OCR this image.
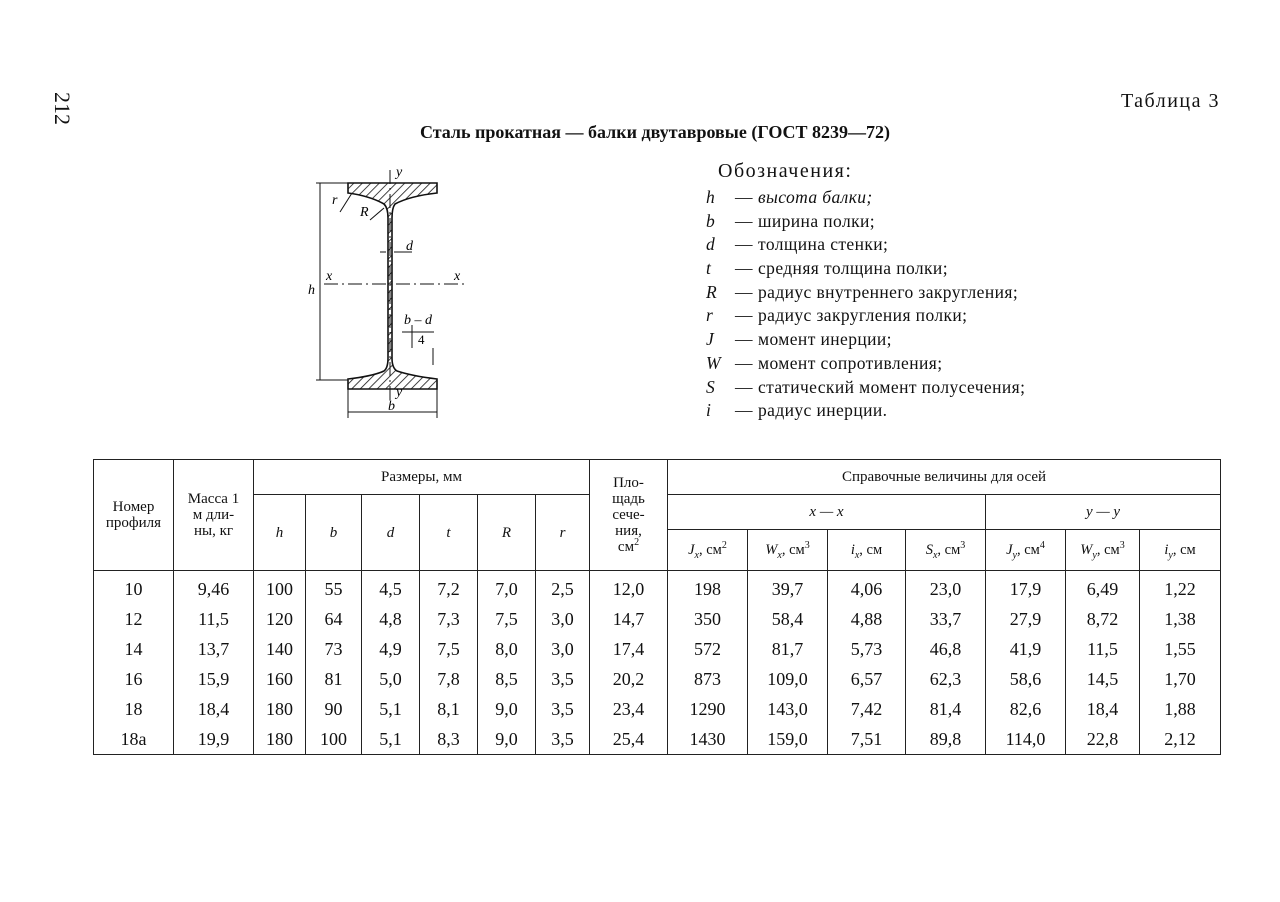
212	Таблица 3
Сталь прокатная — балки двутавровые (ГОСТ 8239—72)
y
r
R
d
x	x
h
b – d
4
y
b
Обозначения:
h — высота балки;
b — ширина полки;
d — толщина стенки;
t — средняя толщина полки;
R — радиус внутреннего закругления;
r — радиус закругления полки;
J — момент инерции;
W — момент сопротивления;
S — статический момент полусечения;
i — радиус инерции.
Номер
профиля	Масса 1
м дли-
ны, кг	Размеры, мм						Пло-
щадь
сече-
ния,
$см^2$	Справочные величины для осей						
		h	b	d	t	R	r		x — x				y — y		
									$J_x$, $см^2$	$W_x$, $см^3$	$i_x$, см	$S_x$, $см^3$	$J_y$, $см^4$	$W_y$, $см^3$	$i_y$, см
10	9,46	100	55	4,5	7,2	7,0	2,5	12,0	198	39,7	4,06	23,0	17,9	6,49	1,22
12	11,5	120	64	4,8	7,3	7,5	3,0	14,7	350	58,4	4,88	33,7	27,9	8,72	1,38
14	13,7	140	73	4,9	7,5	8,0	3,0	17,4	572	81,7	5,73	46,8	41,9	11,5	1,55
16	15,9	160	81	5,0	7,8	8,5	3,5	20,2	873	109,0	6,57	62,3	58,6	14,5	1,70
18	18,4	180	90	5,1	8,1	9,0	3,5	23,4	1290	143,0	7,42	81,4	82,6	18,4	1,88
18а	19,9	180	100	5,1	8,3	9,0	3,5	25,4	1430	159,0	7,51	89,8	114,0	22,8	2,12
